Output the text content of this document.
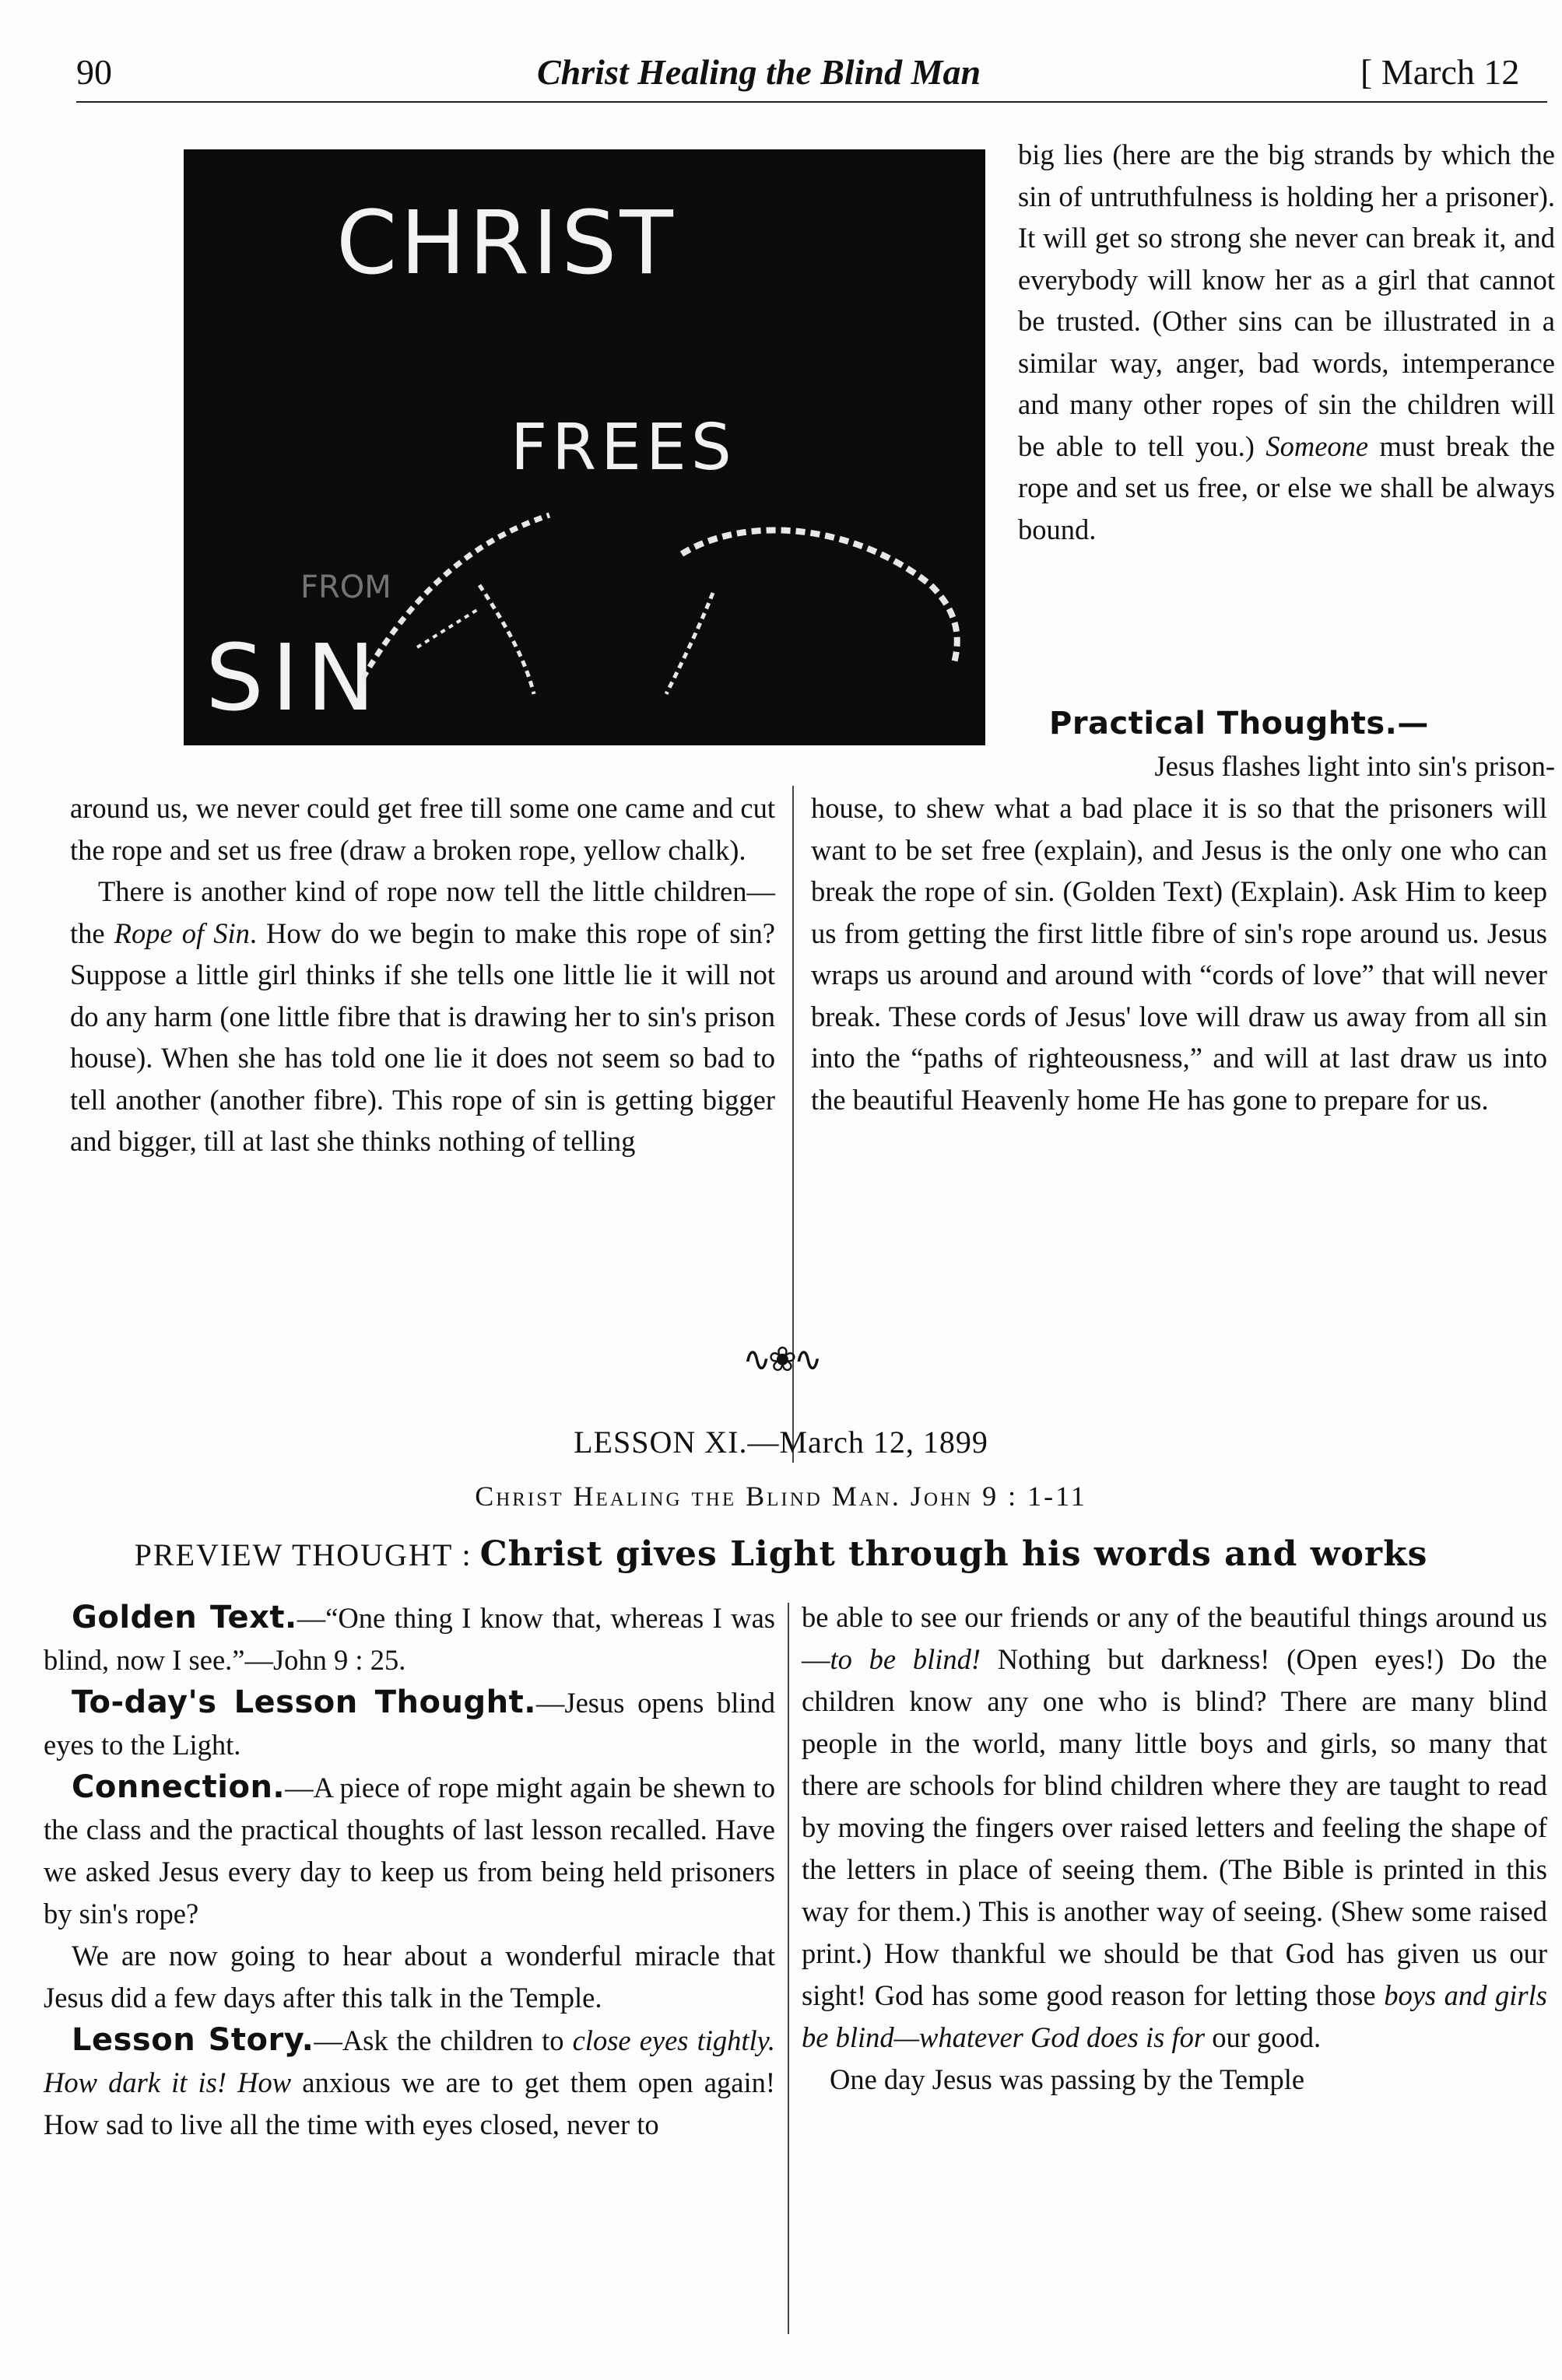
90	Christ Healing the Blind Man	[ March 12
CHRIST
FREES
FROM
SIN

big lies (here are the big strands by which the sin of untruthfulness is holding her a prisoner). It will get so strong she never can break it, and everybody will know her as a girl that cannot be trusted. (Other sins can be illustrated in a similar way, anger, bad words, intemperance and many other ropes of sin the children will be able to tell you.) Someone must break the rope and set us free, or else we shall be always bound.

Practical Thoughts.—

Jesus flashes light into sin's prison-

around us, we never could get free till some one came and cut the rope and set us free (draw a broken rope, yellow chalk).

There is another kind of rope now tell the little children—the Rope of Sin. How do we begin to make this rope of sin? Suppose a little girl thinks if she tells one little lie it will not do any harm (one little fibre that is drawing her to sin's prison house). When she has told one lie it does not seem so bad to tell another (another fibre). This rope of sin is getting bigger and bigger, till at last she thinks nothing of telling

house, to shew what a bad place it is so that the prisoners will want to be set free (explain), and Jesus is the only one who can break the rope of sin. (Golden Text) (Explain). Ask Him to keep us from getting the first little fibre of sin's rope around us. Jesus wraps us around and around with “cords of love” that will never break. These cords of Jesus' love will draw us away from all sin into the “paths of righteousness,” and will at last draw us into the beautiful Heavenly home He has gone to prepare for us.

∿❀∿
LESSON XI.—March 12, 1899
Christ Healing the Blind Man. John 9 : 1-11
PREVIEW THOUGHT : Christ gives Light through his words and works

Golden Text.—“One thing I know that, whereas I was blind, now I see.”—John 9 : 25.

To-day's Lesson Thought.—Jesus opens blind eyes to the Light.

Connection.—A piece of rope might again be shewn to the class and the practical thoughts of last lesson recalled. Have we asked Jesus every day to keep us from being held prisoners by sin's rope?

We are now going to hear about a wonderful miracle that Jesus did a few days after this talk in the Temple.

Lesson Story.—Ask the children to close eyes tightly. How dark it is! How anxious we are to get them open again! How sad to live all the time with eyes closed, never to

be able to see our friends or any of the beautiful things around us—to be blind! Nothing but darkness! (Open eyes!) Do the children know any one who is blind? There are many blind people in the world, many little boys and girls, so many that there are schools for blind children where they are taught to read by moving the fingers over raised letters and feeling the shape of the letters in place of seeing them. (The Bible is printed in this way for them.) This is another way of seeing. (Shew some raised print.) How thankful we should be that God has given us our sight! God has some good reason for letting those boys and girls be blind—whatever God does is for our good.

One day Jesus was passing by the Temple
